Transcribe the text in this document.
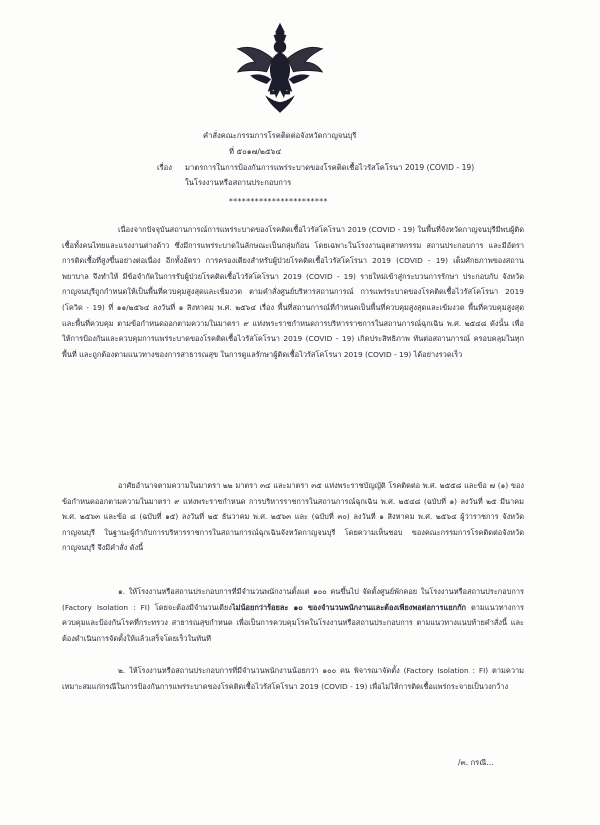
คำสั่งคณะกรรมการโรคติดต่อจังหวัดกาญจนบุรี
ที่ ๕๐๑๗/๒๕๖๔
เรื่อง มาตรการในการป้องกันการแพร่ระบาดของโรคติดเชื้อไวรัสโคโรนา 2019 (COVID - 19)
ในโรงงานหรือสถานประกอบการ
***********************
เนื่องจากปัจจุบันสถานการณ์การแพร่ระบาดของโรคติดเชื้อไวรัสโคโรนา 2019 (COVID - 19) ในพื้นที่จังหวัดกาญจนบุรีมีพบผู้ติดเชื้อทั้งคนไทยและแรงงานต่างด้าว ซึ่งมีการแพร่ระบาดในลักษณะเป็นกลุ่มก้อน โดยเฉพาะในโรงงานอุตสาหกรรม สถานประกอบการ และมีอัตราการติดเชื้อที่สูงขึ้นอย่างต่อเนื่อง อีกทั้งอัตรา การครองเตียงสำหรับผู้ป่วยโรคติดเชื้อไวรัสโคโรนา 2019 (COVID - 19) เต็มศักยภาพของสถานพยาบาล จึงทำให้ มีข้อจำกัดในการรับผู้ป่วยโรคติดเชื้อไวรัสโคโรนา 2019 (COVID - 19) รายใหม่เข้าสู่กระบวนการรักษา ประกอบกับ จังหวัดกาญจนบุรีถูกกำหนดให้เป็นพื้นที่ควบคุมสูงสุดและเข้มงวด ตามคำสั่งศูนย์บริหารสถานการณ์ การแพร่ระบาดของโรคติดเชื้อไวรัสโคโรนา 2019 (โควิด - 19) ที่ ๑๑/๒๕๖๔ ลงวันที่ ๑ สิงหาคม พ.ศ. ๒๕๖๔ เรื่อง พื้นที่สถานการณ์ที่กำหนดเป็นพื้นที่ควบคุมสูงสุดและเข้มงวด พื้นที่ควบคุมสูงสุด และพื้นที่ควบคุม ตามข้อกำหนดออกตามความในมาตรา ๙ แห่งพระราชกำหนดการบริหารราชการในสถานการณ์ฉุกเฉิน พ.ศ. ๒๕๔๘ ดังนั้น เพื่อให้การป้องกันและควบคุมการแพร่ระบาดของโรคติดเชื้อไวรัสโคโรนา 2019 (COVID - 19) เกิดประสิทธิภาพ ทันต่อสถานการณ์ ครอบคลุมในทุกพื้นที่ และถูกต้องตามแนวทางของการสาธารณสุข ในการดูแลรักษาผู้ติดเชื้อไวรัสโคโรนา 2019 (COVID - 19) ได้อย่างรวดเร็ว
อาศัยอำนาจตามความในมาตรา ๒๒ มาตรา ๓๔ และมาตรา ๓๕ แห่งพระราชบัญญัติ โรคติดต่อ พ.ศ. ๒๕๕๘ และข้อ ๗ (๑) ของข้อกำหนดออกตามความในมาตรา ๙ แห่งพระราชกำหนด การบริหารราชการในสถานการณ์ฉุกเฉิน พ.ศ. ๒๕๔๘ (ฉบับที่ ๑) ลงวันที่ ๒๕ มีนาคม พ.ศ. ๒๕๖๓ และข้อ ๘ (ฉบับที่ ๑๕) ลงวันที่ ๒๕ ธันวาคม พ.ศ. ๒๕๖๓ และ (ฉบับที่ ๓๐) ลงวันที่ ๑ สิงหาคม พ.ศ. ๒๕๖๔ ผู้ว่าราชการ จังหวัดกาญจนบุรี ในฐานะผู้กำกับการบริหารราชการในสถานการณ์ฉุกเฉินจังหวัดกาญจนบุรี โดยความเห็นชอบ ของคณะกรรมการโรคติดต่อจังหวัดกาญจนบุรี จึงมีคำสั่ง ดังนี้
๑. ให้โรงงานหรือสถานประกอบการที่มีจำนวนพนักงานตั้งแต่ ๑๐๐ คนขึ้นไป จัดตั้งศูนย์พักคอย ในโรงงานหรือสถานประกอบการ (Factory Isolation : FI) โดยจะต้องมีจำนวนเตียงไม่น้อยกว่าร้อยละ ๑๐ ของจำนวนพนักงานและต้องเพียงพอต่อการแยกกัก ตามแนวทางการควบคุมและป้องกันโรคที่กระทรวง สาธารณสุขกำหนด เพื่อเป็นการควบคุมโรคในโรงงานหรือสถานประกอบการ ตามแนวทางแนบท้ายคำสั่งนี้ และต้องดำเนินการจัดตั้งให้แล้วเสร็จโดยเร็วในทันที
๒. ให้โรงงานหรือสถานประกอบการที่มีจำนวนพนักงานน้อยกว่า ๑๐๐ คน พิจารณาจัดตั้ง (Factory Isolation : FI) ตามความเหมาะสมแก่กรณีในการป้องกันการแพร่ระบาดของโรคติดเชื้อไวรัสโคโรนา 2019 (COVID - 19) เพื่อไม่ให้การติดเชื้อแพร่กระจายเป็นวงกว้าง
/๓. กรณี...
